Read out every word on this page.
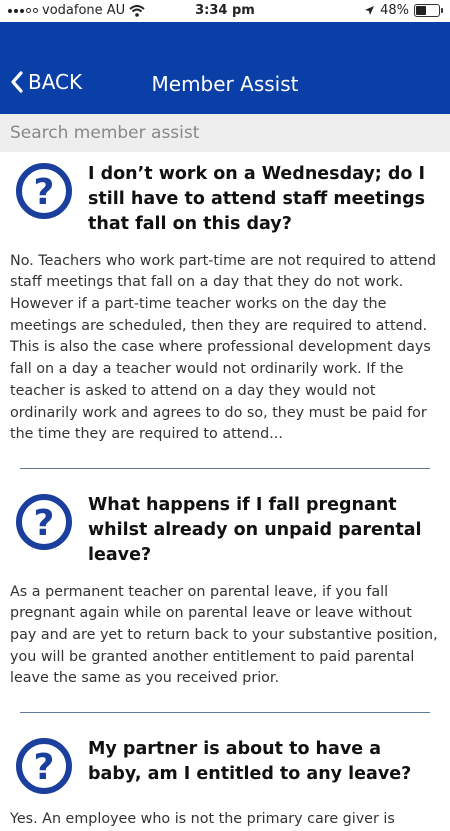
vodafone AU	3:34 pm	48%
BACK	Member Assist
Search member assist
? I don’t work on a Wednesday; do I still have to attend staff meetings that fall on this day?
No. Teachers who work part-time are not required to attend staff meetings that fall on a day that they do not work. However if a part-time teacher works on the day the meetings are scheduled, then they are required to attend. This is also the case where professional development days fall on a day a teacher would not ordinarily work. If the teacher is asked to attend on a day they would not ordinarily work and agrees to do so, they must be paid for the time they are required to attend...
? What happens if I fall pregnant whilst already on unpaid parental leave?
As a permanent teacher on parental leave, if you fall pregnant again while on parental leave or leave without pay and are yet to return back to your substantive position, you will be granted another entitlement to paid parental leave the same as you received prior.
? My partner is about to have a baby, am I entitled to any leave?
Yes. An employee who is not the primary care giver is
